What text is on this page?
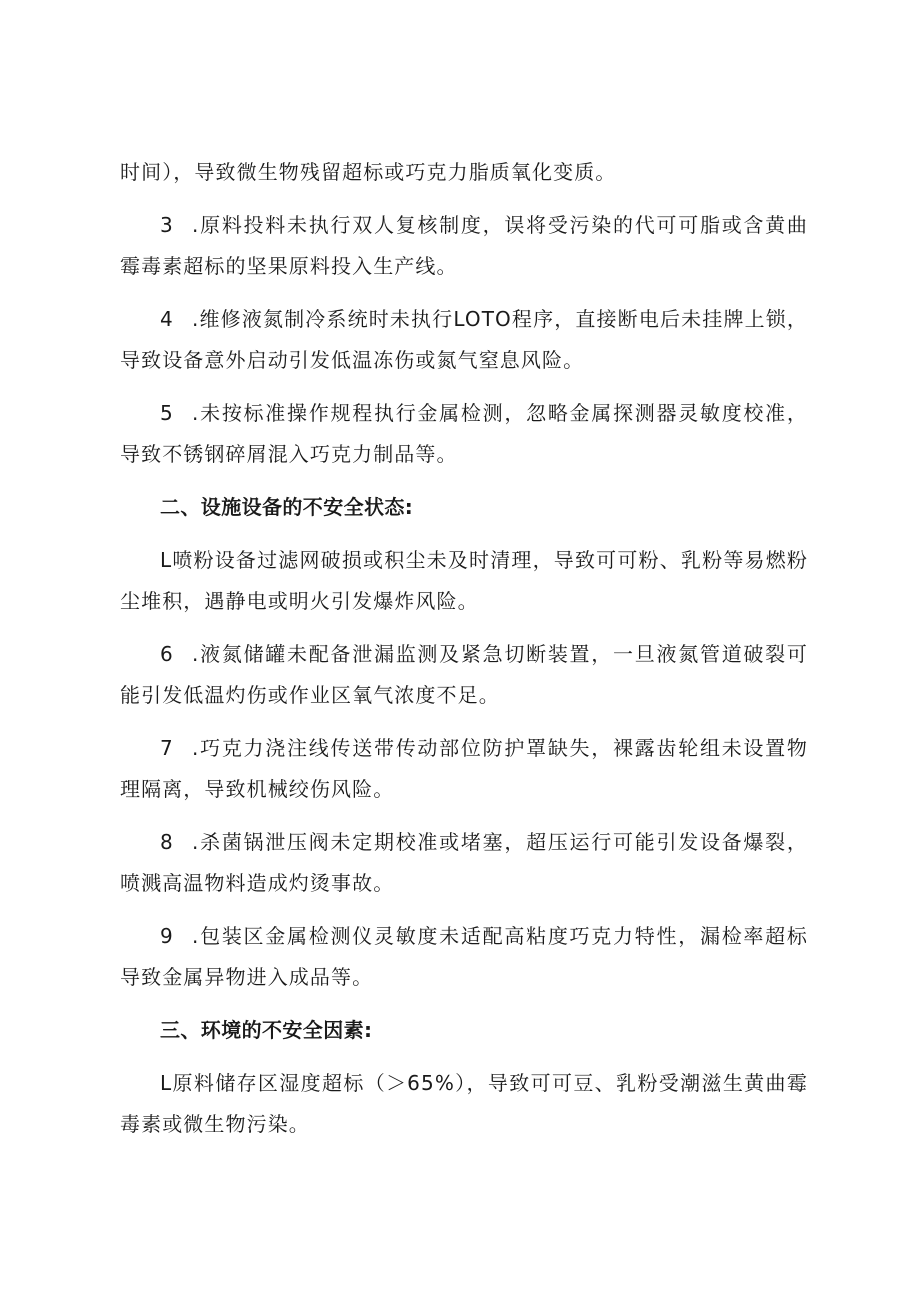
时间），导致微生物残留超标或巧克力脂质氧化变质。

3 .原料投料未执行双人复核制度，误将受污染的代可可脂或含黄曲霉毒素超标的坚果原料投入生产线。

4 .维修液氮制冷系统时未执行LOTO程序，直接断电后未挂牌上锁，导致设备意外启动引发低温冻伤或氮气窒息风险。

5 .未按标准操作规程执行金属检测，忽略金属探测器灵敏度校准，导致不锈钢碎屑混入巧克力制品等。

二、设施设备的不安全状态:

L喷粉设备过滤网破损或积尘未及时清理，导致可可粉、乳粉等易燃粉尘堆积，遇静电或明火引发爆炸风险。

6 .液氮储罐未配备泄漏监测及紧急切断装置，一旦液氮管道破裂可能引发低温灼伤或作业区氧气浓度不足。

7 .巧克力浇注线传送带传动部位防护罩缺失，裸露齿轮组未设置物理隔离，导致机械绞伤风险。

8 .杀菌锅泄压阀未定期校准或堵塞，超压运行可能引发设备爆裂，喷溅高温物料造成灼烫事故。

9 .包装区金属检测仪灵敏度未适配高粘度巧克力特性，漏检率超标导致金属异物进入成品等。

三、环境的不安全因素:

L原料储存区湿度超标（＞65%），导致可可豆、乳粉受潮滋生黄曲霉毒素或微生物污染。
